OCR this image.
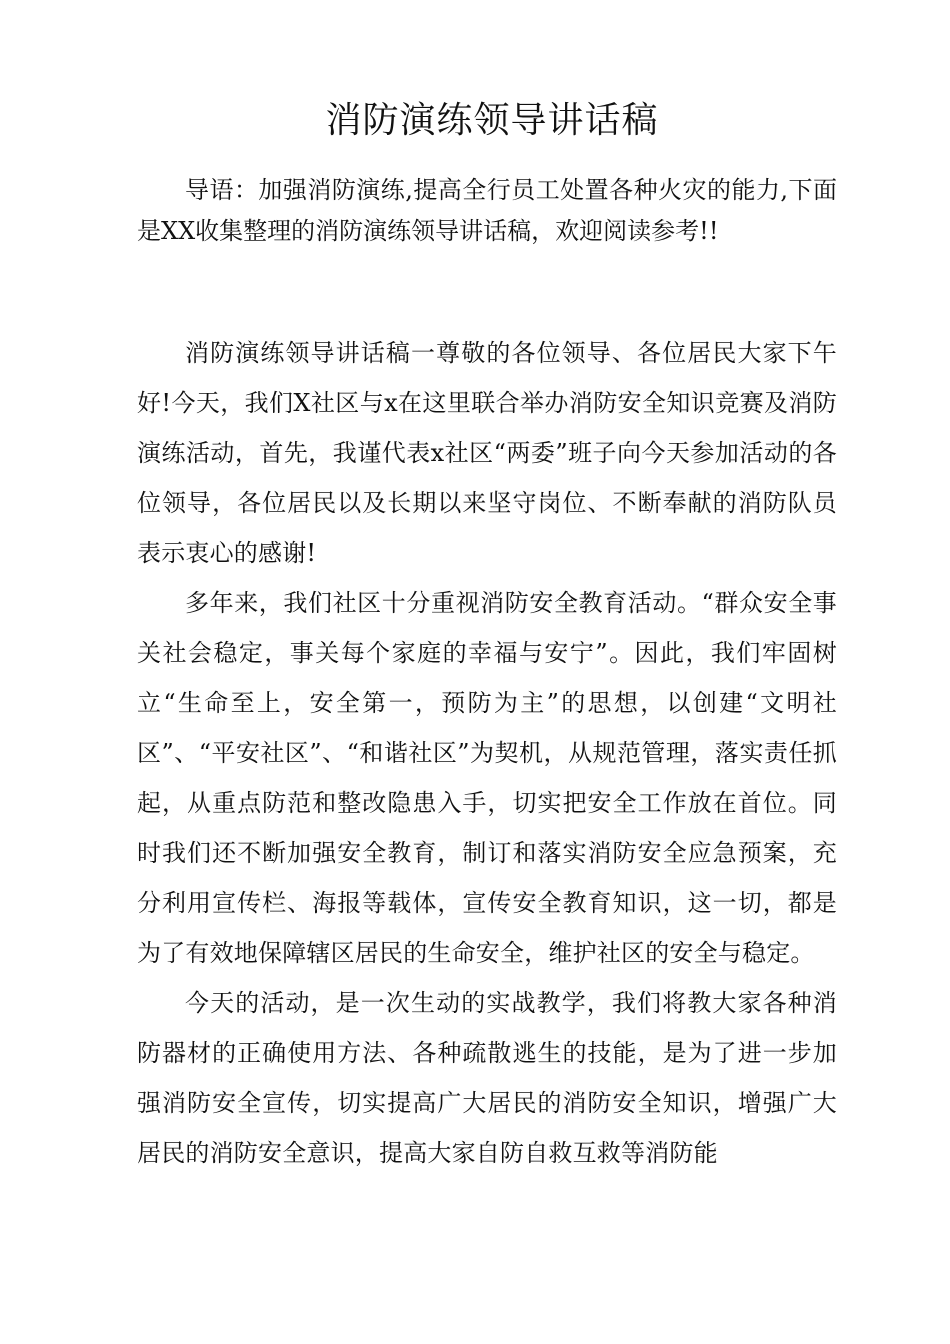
消防演练领导讲话稿

导语：加强消防演练,提高全行员工处置各种火灾的能力,下面是XX收集整理的消防演练领导讲话稿，欢迎阅读参考!!

消防演练领导讲话稿一尊敬的各位领导、各位居民大家下午好!今天，我们X社区与x在这里联合举办消防安全知识竞赛及消防演练活动，首先，我谨代表x社区“两委”班子向今天参加活动的各位领导，各位居民以及长期以来坚守岗位、不断奉献的消防队员表示衷心的感谢!

多年来，我们社区十分重视消防安全教育活动。“群众安全事关社会稳定，事关每个家庭的幸福与安宁”。因此，我们牢固树立“生命至上，安全第一，预防为主”的思想，以创建“文明社区”、“平安社区”、“和谐社区”为契机，从规范管理，落实责任抓起，从重点防范和整改隐患入手，切实把安全工作放在首位。同时我们还不断加强安全教育，制订和落实消防安全应急预案，充分利用宣传栏、海报等载体，宣传安全教育知识，这一切，都是为了有效地保障辖区居民的生命安全，维护社区的安全与稳定。

今天的活动，是一次生动的实战教学，我们将教大家各种消防器材的正确使用方法、各种疏散逃生的技能，是为了进一步加强消防安全宣传，切实提高广大居民的消防安全知识，增强广大居民的消防安全意识，提高大家自防自救互救等消防能
